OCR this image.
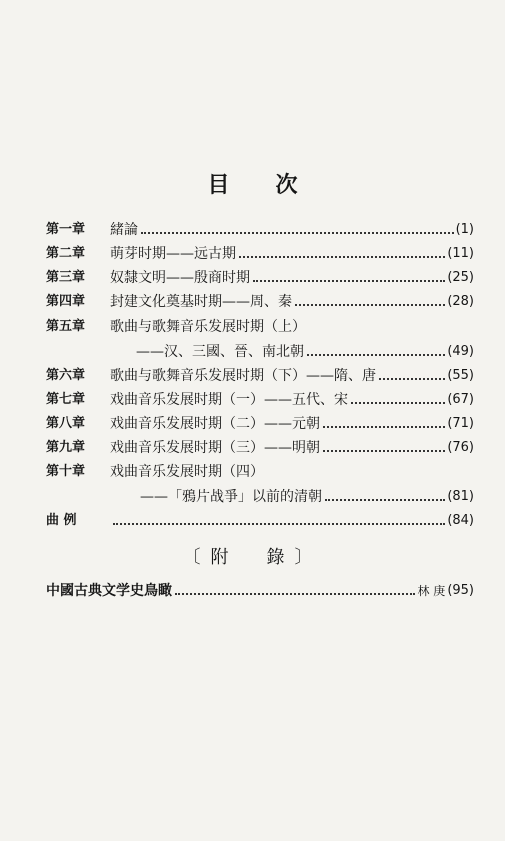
目 次
第一章	緒論	(1)
第二章	萌芽时期——远古期	(11)
第三章	奴隸文明——殷商时期	(25)
第四章	封建文化奠基时期——周、秦	(28)
第五章	歌曲与歌舞音乐发展时期（上）
——汉、三國、晉、南北朝	(49)
第六章	歌曲与歌舞音乐发展时期（下）——隋、唐	(55)
第七章	戏曲音乐发展时期（一）——五代、宋	(67)
第八章	戏曲音乐发展时期（二）——元朝	(71)
第九章	戏曲音乐发展时期（三）——明朝	(76)
第十章	戏曲音乐发展时期（四）
——「鴉片战爭」以前的清朝	(81)
曲 例	(84)
〔附　錄〕
中國古典文学史鳥瞰	林 庚 (95)
